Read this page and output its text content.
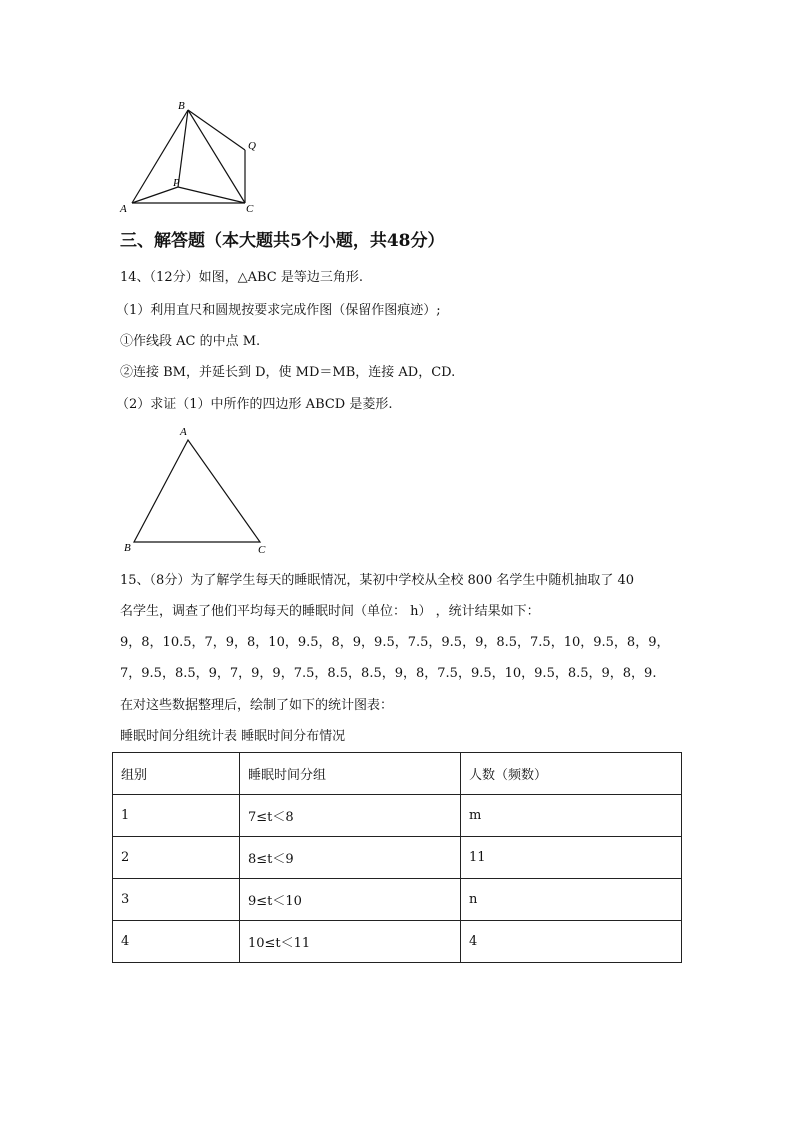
B
Q
P
A	C
三、解答题（本大题共5个小题，共48分）
14、（12分）如图，△ABC 是等边三角形.
（1）利用直尺和圆规按要求完成作图（保留作图痕迹）;
①作线段 AC 的中点 M.
②连接 BM，并延长到 D，使 MD＝MB，连接 AD，CD.
（2）求证（1）中所作的四边形 ABCD 是菱形.
A
B	C
15、（8分）为了解学生每天的睡眠情况，某初中学校从全校 800 名学生中随机抽取了 40
名学生，调查了他们平均每天的睡眠时间（单位： h） ，统计结果如下：
9，8，10.5，7，9，8，10，9.5，8，9，9.5，7.5，9.5，9，8.5，7.5，10，9.5，8，9，
7，9.5，8.5，9，7，9，9，7.5，8.5，8.5，9，8，7.5，9.5，10，9.5，8.5，9，8，9.
在对这些数据整理后，绘制了如下的统计图表：
睡眠时间分组统计表 睡眠时间分布情况
组别	睡眠时间分组	人数（频数）
1	7≤t＜8	m
2	8≤t＜9	11
3	9≤t＜10	n
4	10≤t＜11	4
